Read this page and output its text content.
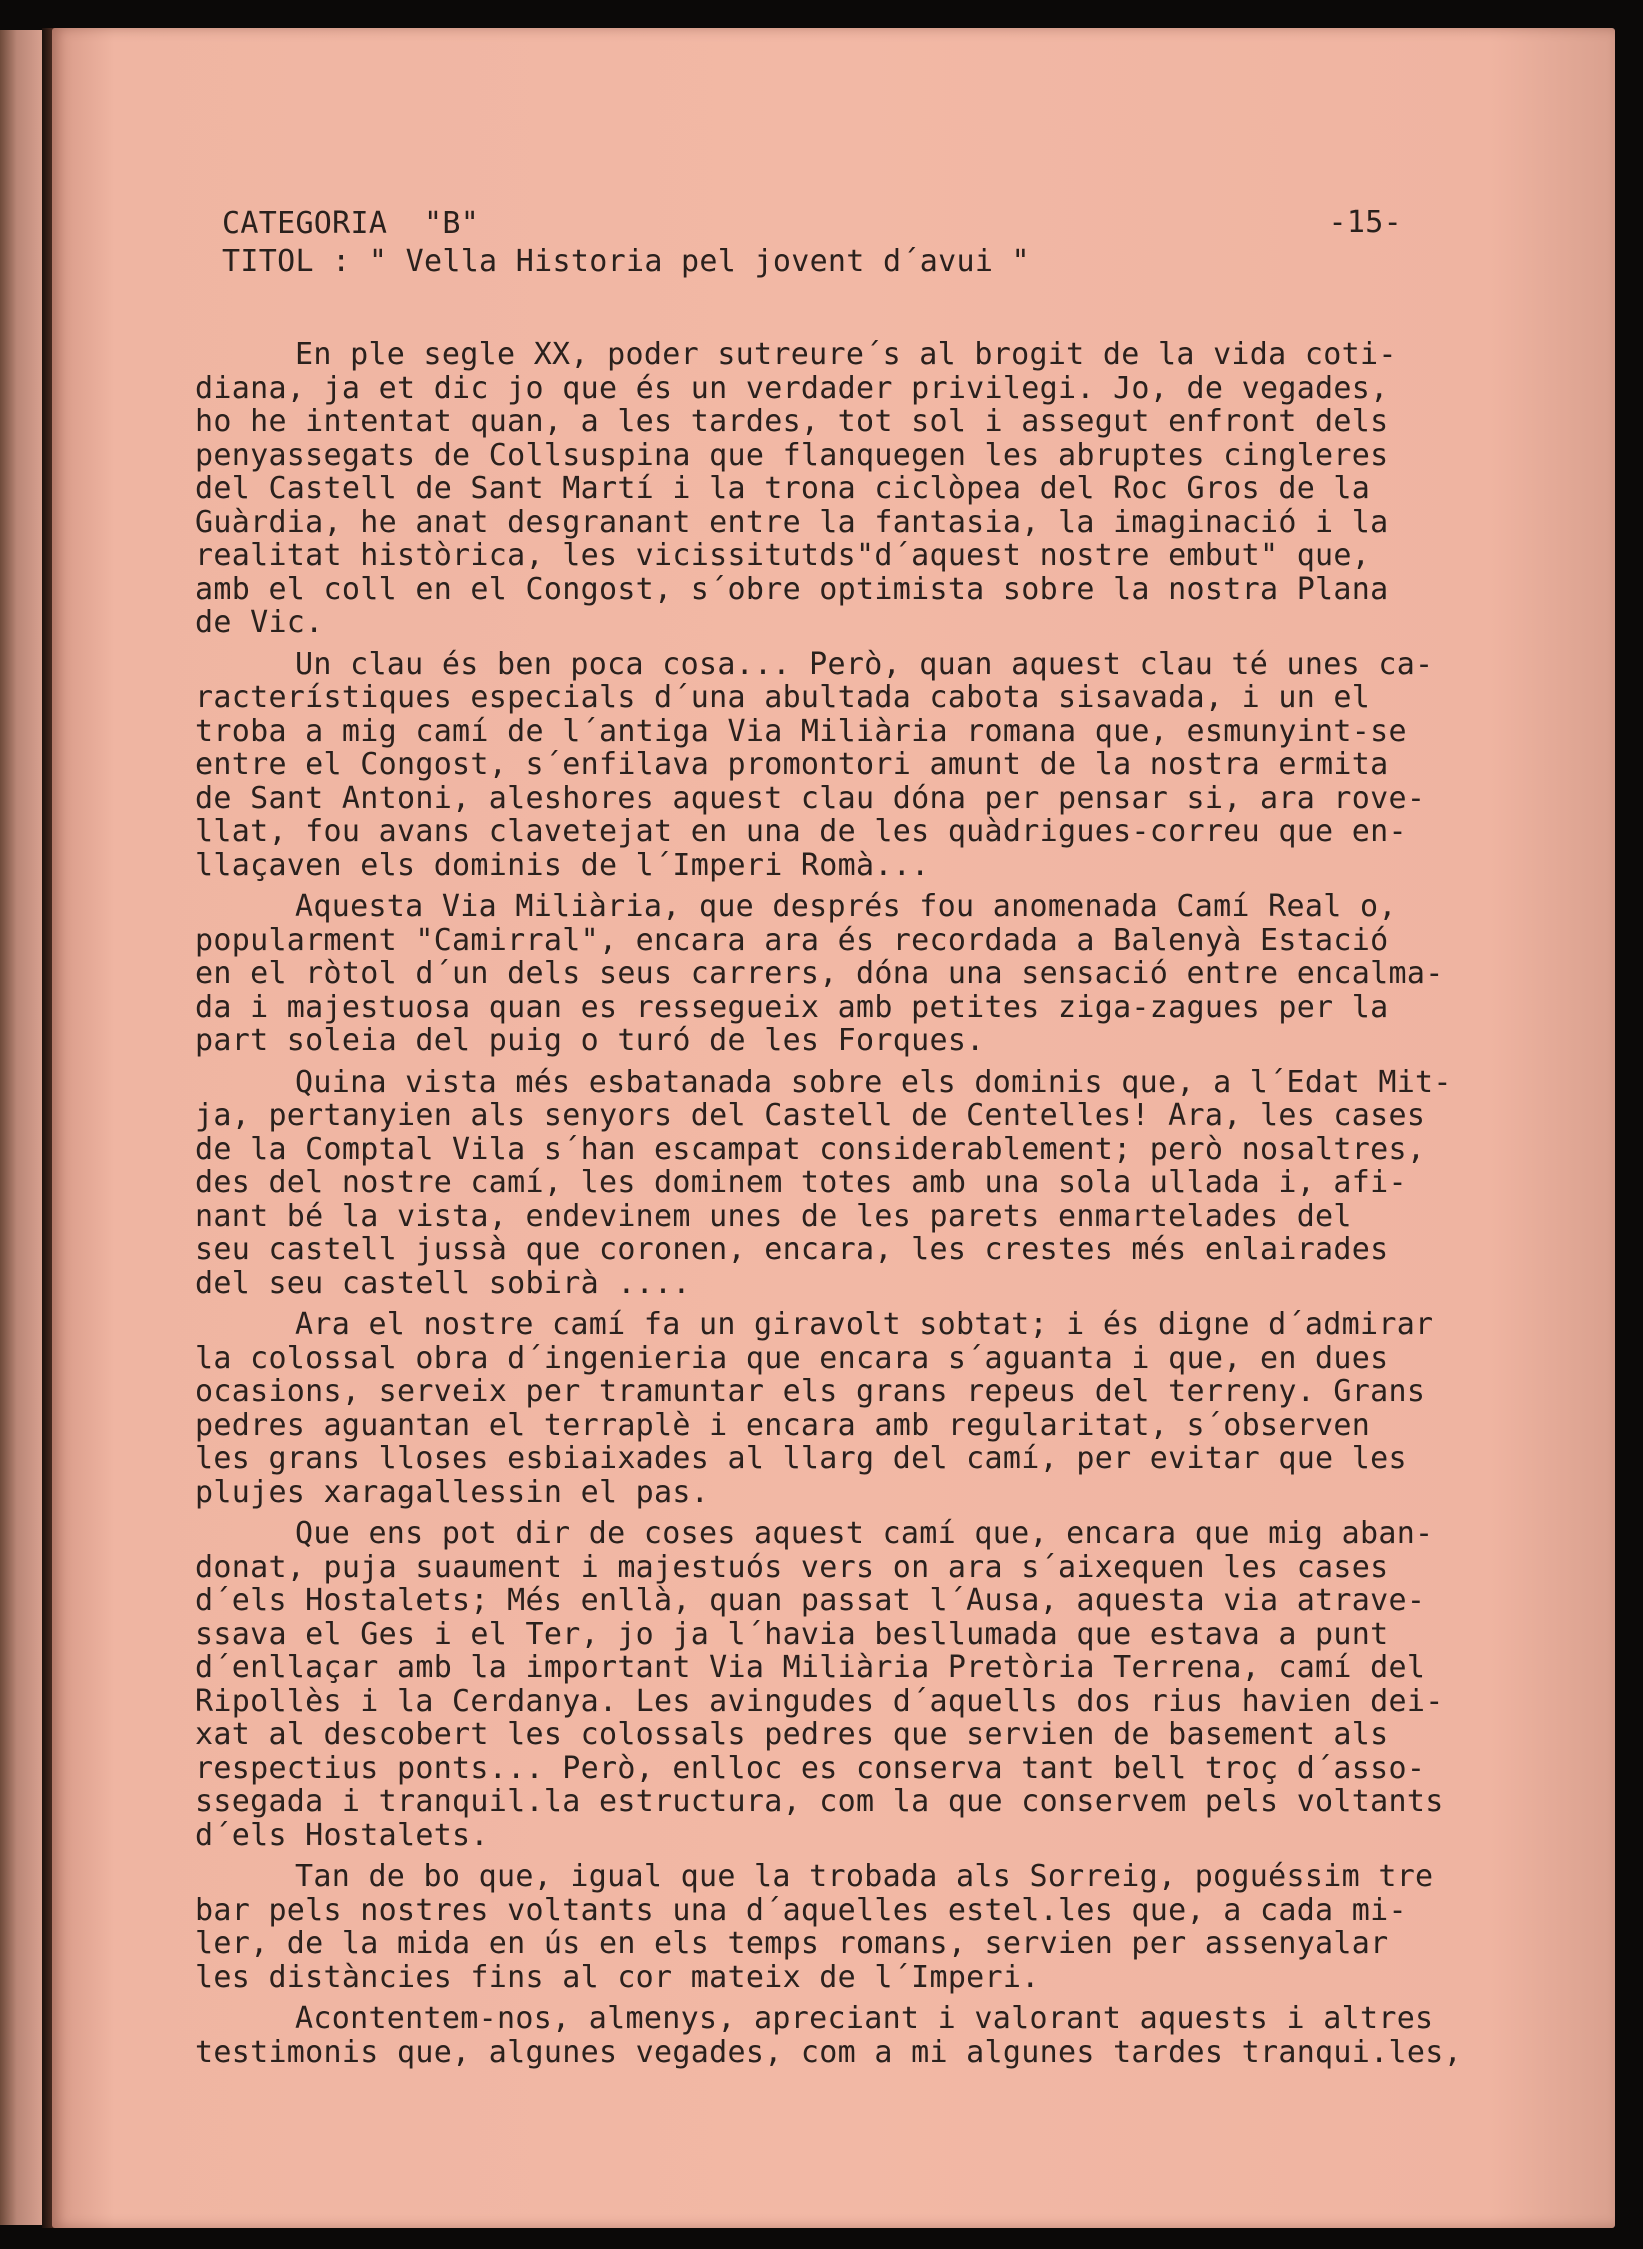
CATEGORIA  "B"
TITOL : " Vella Historia pel jovent d´avui "
-15-
En ple segle XX, poder sutreure´s al brogit de la vida coti-
diana, ja et dic jo que és un verdader privilegi. Jo, de vegades,
ho he intentat quan, a les tardes, tot sol i assegut enfront dels
penyassegats de Collsuspina que flanquegen les abruptes cingleres
del Castell de Sant Martí i la trona ciclòpea del Roc Gros de la
Guàrdia, he anat desgranant entre la fantasia, la imaginació i la
realitat històrica, les vicissitutds"d´aquest nostre embut" que,
amb el coll en el Congost, s´obre optimista sobre la nostra Plana
de Vic.
Un clau és ben poca cosa... Però, quan aquest clau té unes ca-
racterístiques especials d´una abultada cabota sisavada, i un el
troba a mig camí de l´antiga Via Miliària romana que, esmunyint-se
entre el Congost, s´enfilava promontori amunt de la nostra ermita
de Sant Antoni, aleshores aquest clau dóna per pensar si, ara rove-
llat, fou avans clavetejat en una de les quàdrigues-correu que en-
llaçaven els dominis de l´Imperi Romà...
Aquesta Via Miliària, que després fou anomenada Camí Real o,
popularment "Camirral", encara ara és recordada a Balenyà Estació
en el ròtol d´un dels seus carrers, dóna una sensació entre encalma-
da i majestuosa quan es ressegueix amb petites ziga-zagues per la
part soleia del puig o turó de les Forques.
Quina vista més esbatanada sobre els dominis que, a l´Edat Mit-
ja, pertanyien als senyors del Castell de Centelles! Ara, les cases
de la Comptal Vila s´han escampat considerablement; però nosaltres,
des del nostre camí, les dominem totes amb una sola ullada i, afi-
nant bé la vista, endevinem unes de les parets enmartelades del
seu castell jussà que coronen, encara, les crestes més enlairades
del seu castell sobirà ....
Ara el nostre camí fa un giravolt sobtat; i és digne d´admirar
la colossal obra d´ingenieria que encara s´aguanta i que, en dues
ocasions, serveix per tramuntar els grans repeus del terreny. Grans
pedres aguantan el terraplè i encara amb regularitat, s´observen
les grans lloses esbiaixades al llarg del camí, per evitar que les
plujes xaragallessin el pas.
Que ens pot dir de coses aquest camí que, encara que mig aban-
donat, puja suaument i majestuós vers on ara s´aixequen les cases
d´els Hostalets; Més enllà, quan passat l´Ausa, aquesta via atrave-
ssava el Ges i el Ter, jo ja l´havia besllumada que estava a punt
d´enllaçar amb la important Via Miliària Pretòria Terrena, camí del
Ripollès i la Cerdanya. Les avingudes d´aquells dos rius havien dei-
xat al descobert les colossals pedres que servien de basement als
respectius ponts... Però, enlloc es conserva tant bell troç d´asso-
ssegada i tranquil.la estructura, com la que conservem pels voltants
d´els Hostalets.
Tan de bo que, igual que la trobada als Sorreig, poguéssim tre
bar pels nostres voltants una d´aquelles estel.les que, a cada mi-
ler, de la mida en ús en els temps romans, servien per assenyalar
les distàncies fins al cor mateix de l´Imperi.
Acontentem-nos, almenys, apreciant i valorant aquests i altres
testimonis que, algunes vegades, com a mi algunes tardes tranqui.les,
